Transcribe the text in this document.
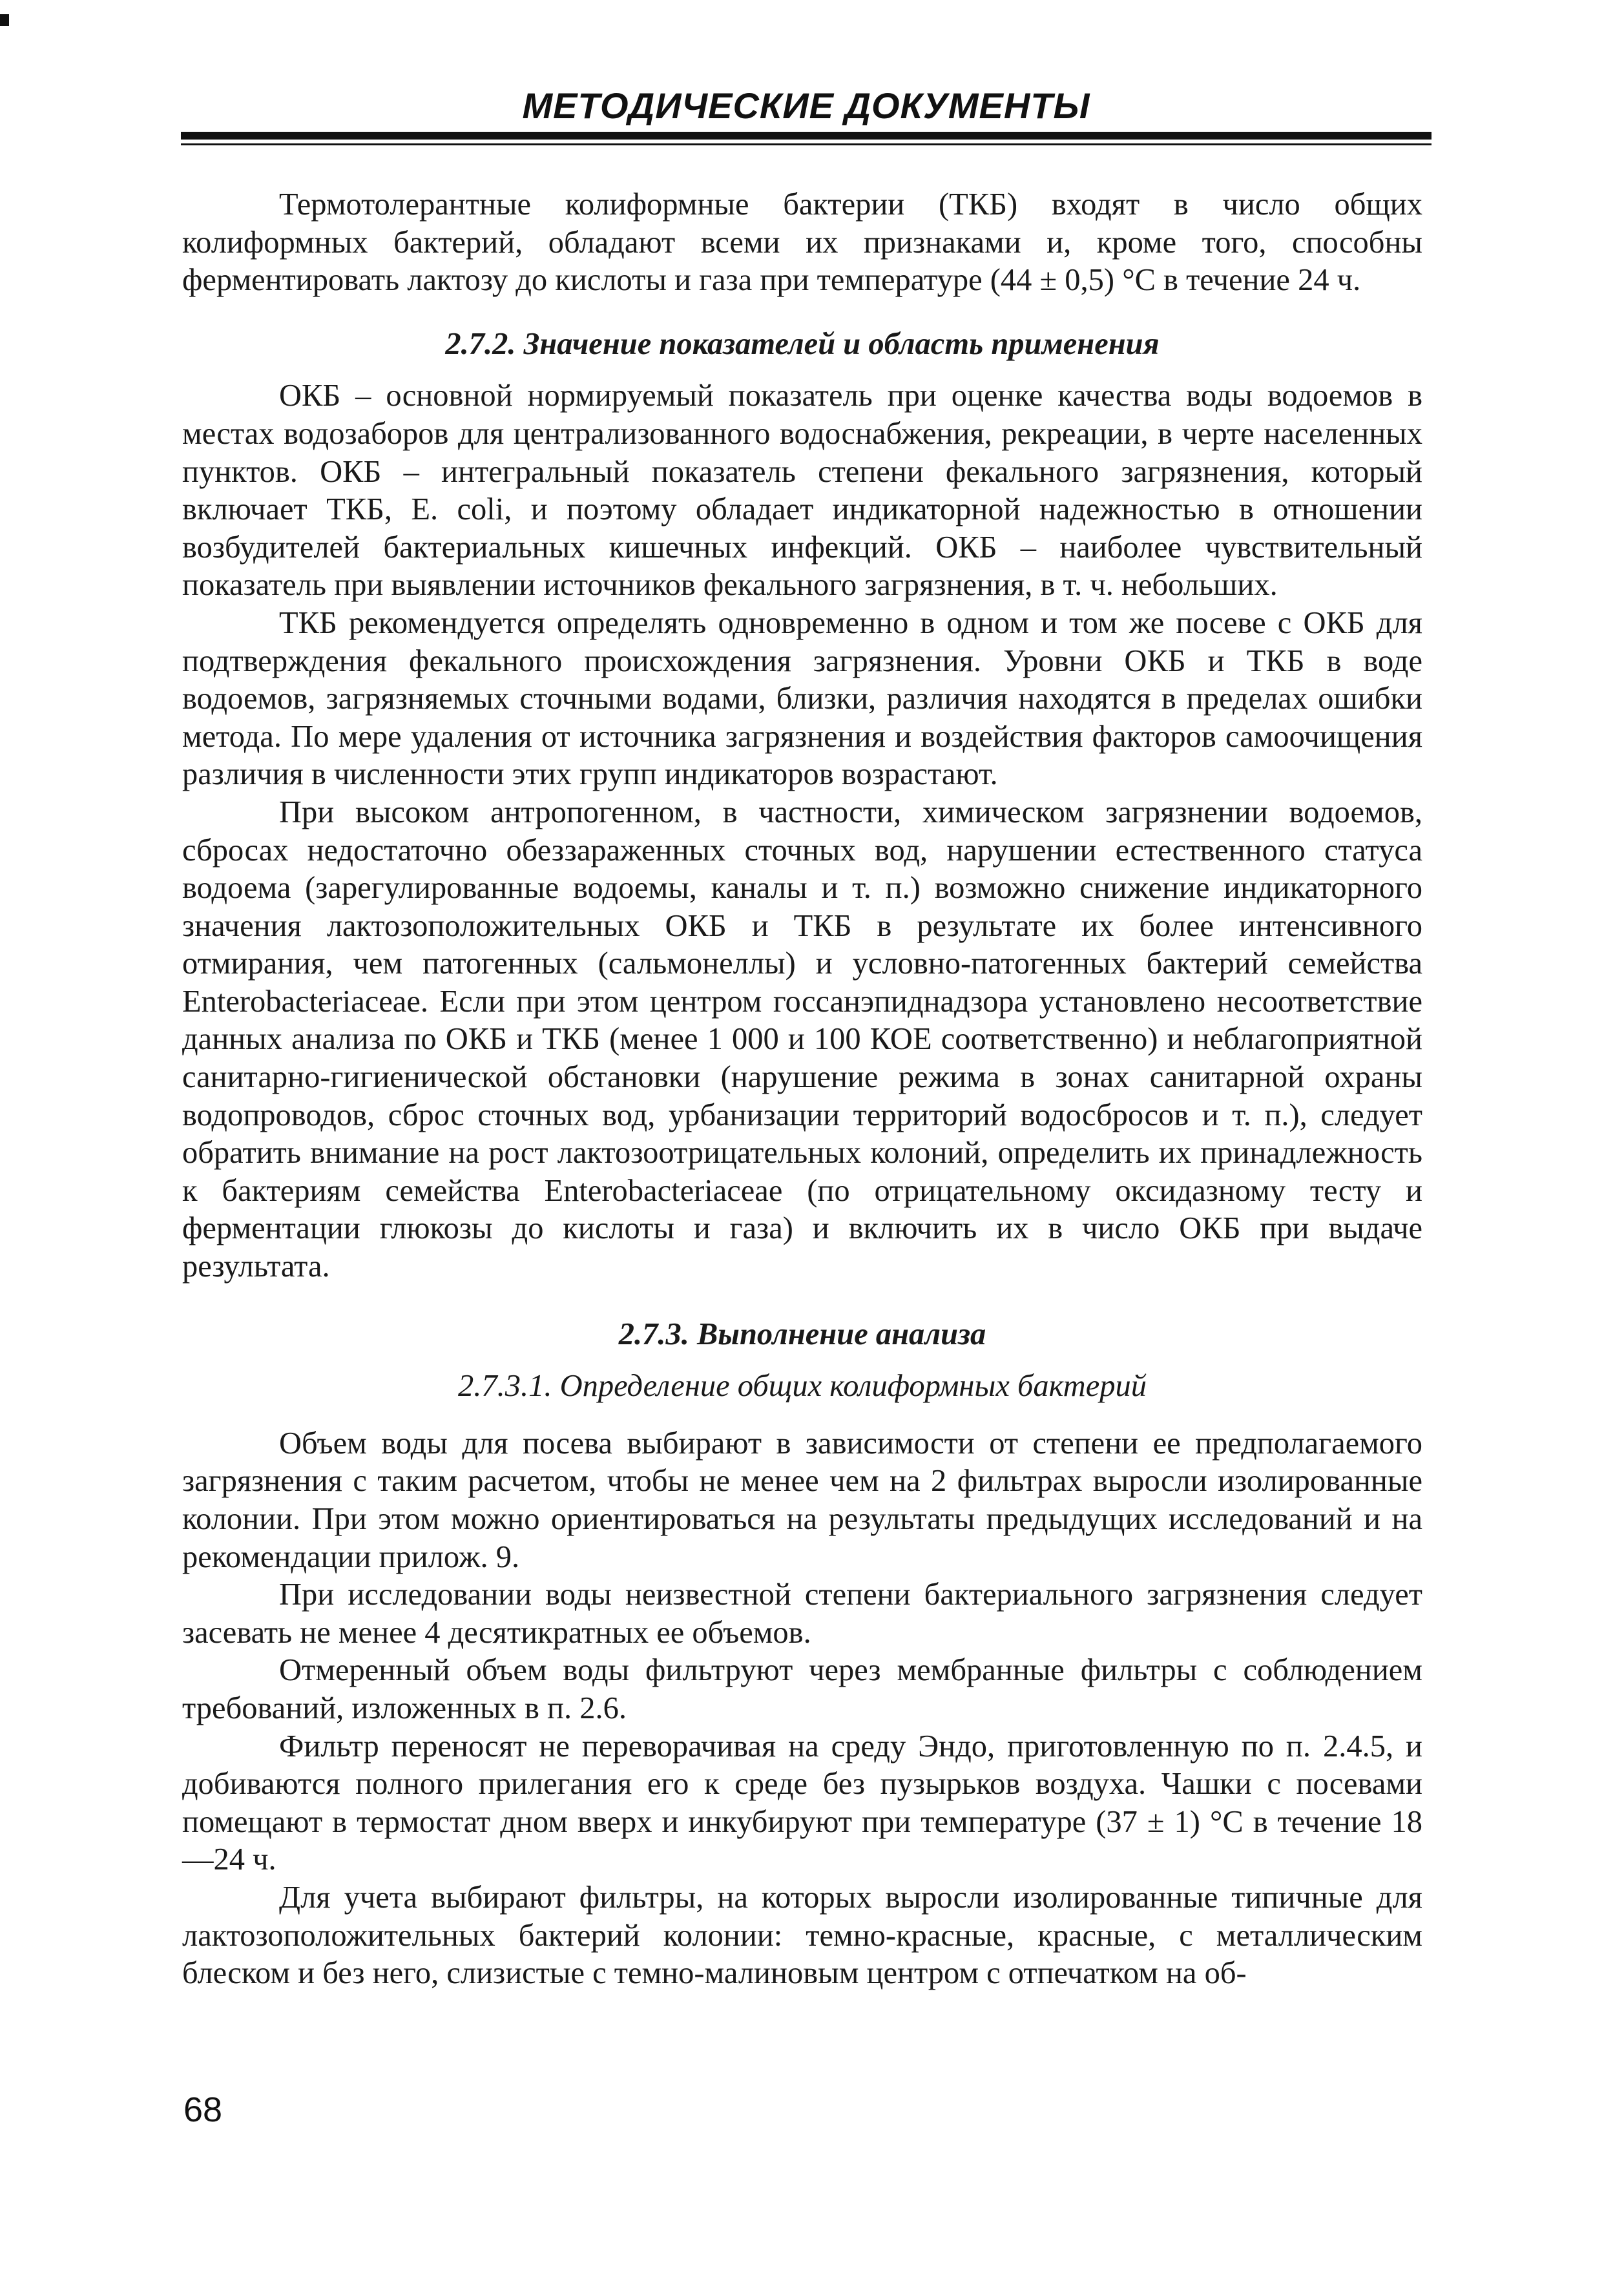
МЕТОДИЧЕСКИЕ ДОКУМЕНТЫ

Термотолерантные колиформные бактерии (ТКБ) входят в число общих колиформных бактерий, обладают всеми их признаками и, кроме того, способны ферментировать лактозу до кислоты и газа при температуре (44 ± 0,5) °С в течение 24 ч.

2.7.2. Значение показателей и область применения

ОКБ – основной нормируемый показатель при оценке качества воды водоемов в местах водозаборов для централизованного водоснабжения, рекреации, в черте населенных пунктов. ОКБ – интегральный показатель степени фекального загрязнения, который включает ТКБ, E. coli, и поэтому обладает индикаторной надежностью в отношении возбудителей бактериальных кишечных инфекций. ОКБ – наиболее чувствительный показатель при выявлении источников фекального загрязнения, в т. ч. небольших.

ТКБ рекомендуется определять одновременно в одном и том же посеве с ОКБ для подтверждения фекального происхождения загрязнения. Уровни ОКБ и ТКБ в воде водоемов, загрязняемых сточными водами, близки, различия находятся в пределах ошибки метода. По мере удаления от источника загрязнения и воздействия факторов самоочищения различия в численности этих групп индикаторов возрастают.

При высоком антропогенном, в частности, химическом загрязнении водоемов, сбросах недостаточно обеззараженных сточных вод, нарушении естественного статуса водоема (зарегулированные водоемы, каналы и т. п.) возможно снижение индикаторного значения лактозоположительных ОКБ и ТКБ в результате их более интенсивного отмирания, чем патогенных (сальмонеллы) и условно-патогенных бактерий семейства Enterobacteriaceae. Если при этом центром госсанэпиднадзора установлено несоответствие данных анализа по ОКБ и ТКБ (менее 1 000 и 100 КОЕ соответственно) и неблагоприятной санитарно-гигиенической обстановки (нарушение режима в зонах санитарной охраны водопроводов, сброс сточных вод, урбанизации территорий водосбросов и т. п.), следует обратить внимание на рост лактозоотрицательных колоний, определить их принадлежность к бактериям семейства Enterobacteriaceae (по отрицательному оксидазному тесту и ферментации глюкозы до кислоты и газа) и включить их в число ОКБ при выдаче результата.

2.7.3. Выполнение анализа
2.7.3.1. Определение общих колиформных бактерий

Объем воды для посева выбирают в зависимости от степени ее предполагаемого загрязнения с таким расчетом, чтобы не менее чем на 2 фильтрах выросли изолированные колонии. При этом можно ориентироваться на результаты предыдущих исследований и на рекомендации прилож. 9.

При исследовании воды неизвестной степени бактериального загрязнения следует засевать не менее 4 десятикратных ее объемов.

Отмеренный объем воды фильтруют через мембранные фильтры с соблюдением требований, изложенных в п. 2.6.

Фильтр переносят не переворачивая на среду Эндо, приготовленную по п. 2.4.5, и добиваются полного прилегания его к среде без пузырьков воздуха. Чашки с посевами помещают в термостат дном вверх и инкубируют при температуре (37 ± 1) °С в течение 18—24 ч.

Для учета выбирают фильтры, на которых выросли изолированные типичные для лактозоположительных бактерий колонии: темно-красные, красные, с металлическим блеском и без него, слизистые с темно-малиновым центром с отпечатком на об-

68
